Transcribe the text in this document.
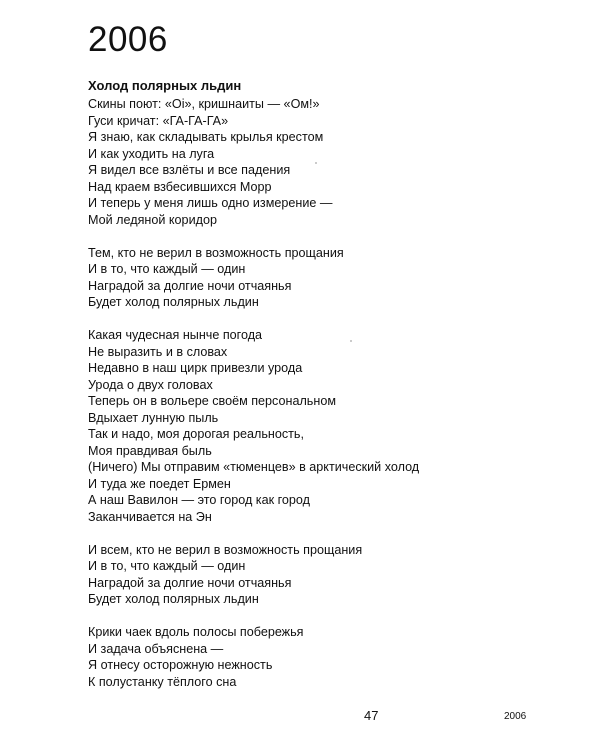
2006
Холод полярных льдин
Скины поют: «Oi», кришнаиты — «Ом!»
Гуси кричат: «ГА-ГА-ГА»
Я знаю, как складывать крылья крестом
И как уходить на луга
Я видел все взлёты и все падения
Над краем взбесившихся Морр
И теперь у меня лишь одно измерение —
Мой ледяной коридор
Тем, кто не верил в возможность прощания
И в то, что каждый — один
Наградой за долгие ночи отчаянья
Будет холод полярных льдин
Какая чудесная нынче погода
Не выразить и в словах
Недавно в наш цирк привезли урода
Урода о двух головах
Теперь он в вольере своём персональном
Вдыхает лунную пыль
Так и надо, моя дорогая реальность,
Моя правдивая быль
(Ничего) Мы отправим «тюменцев» в арктический холод
И туда же поедет Ермен
А наш Вавилон — это город как город
Заканчивается на Эн
И всем, кто не верил в возможность прощания
И в то, что каждый — один
Наградой за долгие ночи отчаянья
Будет холод полярных льдин
Крики чаек вдоль полосы побережья
И задача объяснена —
Я отнесу осторожную нежность
К полустанку тёплого сна
47	2006
